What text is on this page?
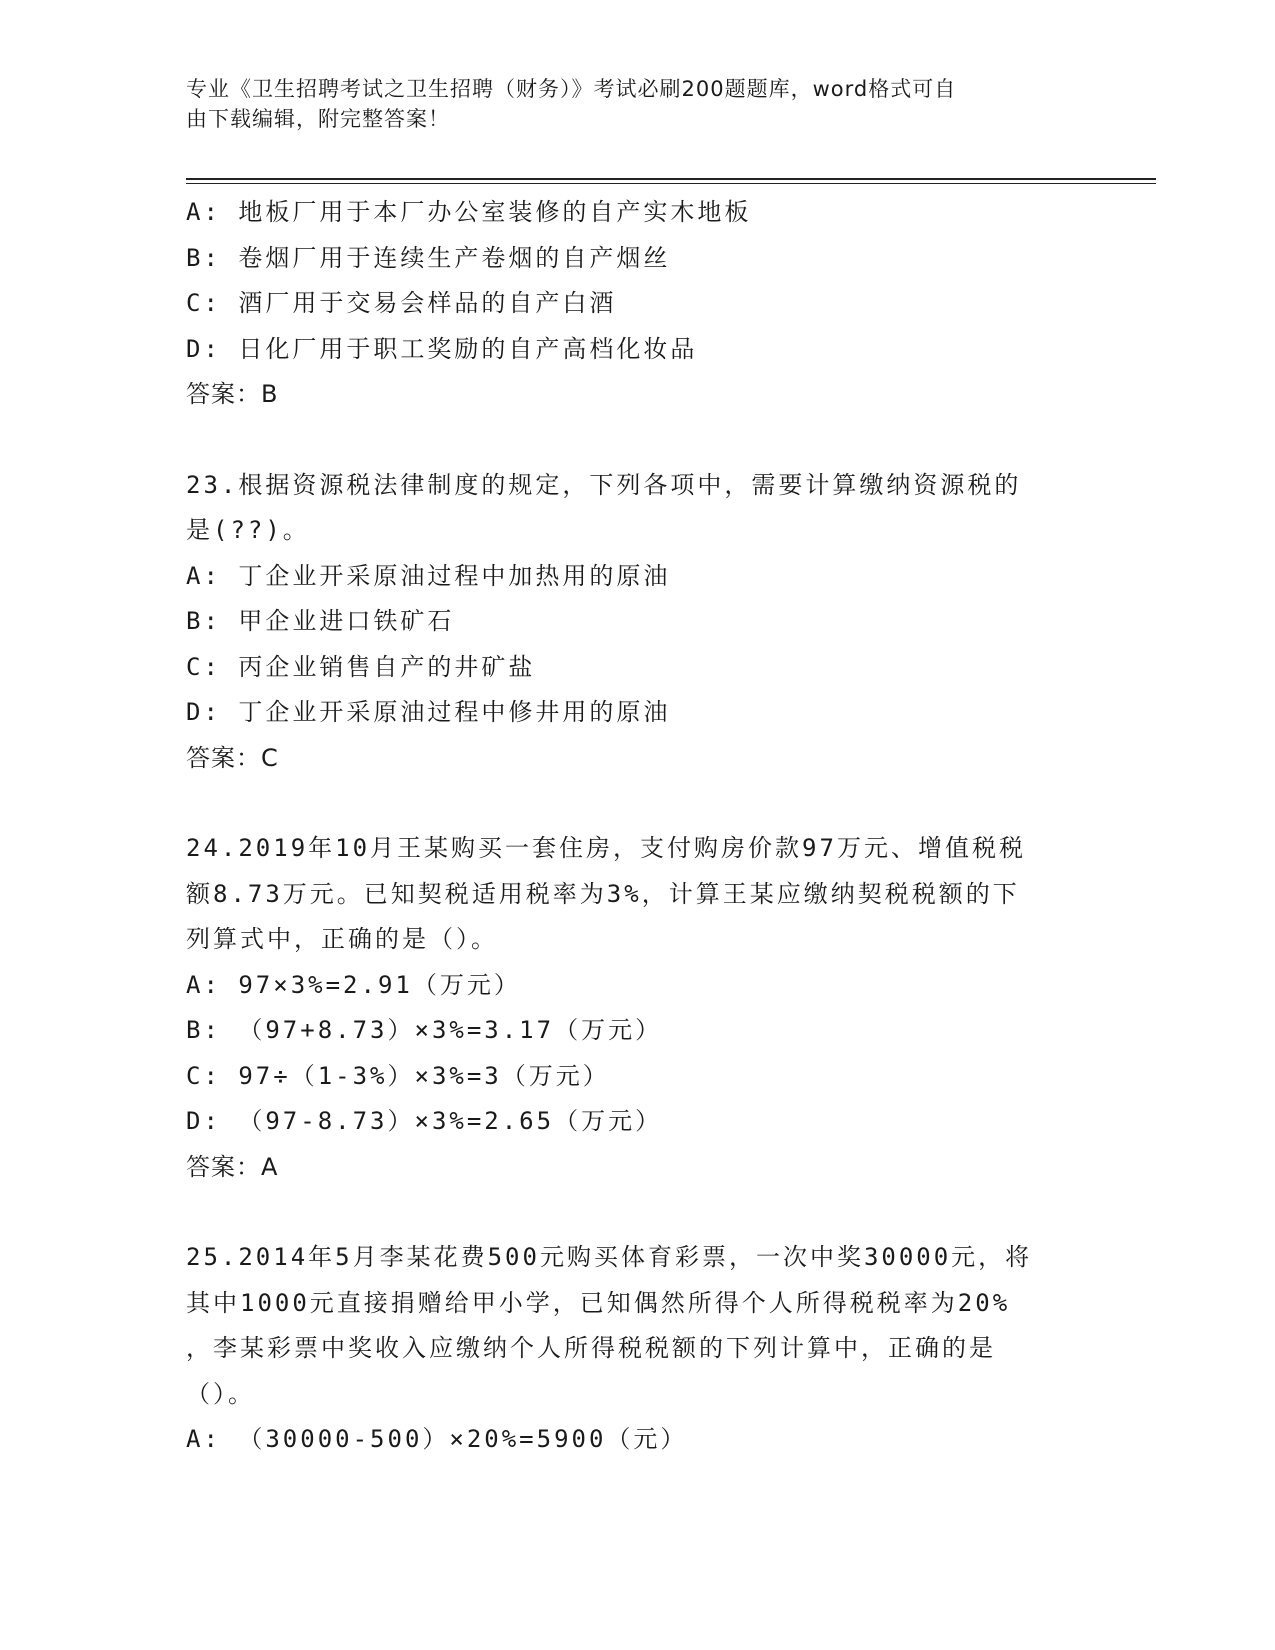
专业《卫生招聘考试之卫生招聘（财务）》考试必刷200题题库，word格式可自
由下载编辑，附完整答案！
A: 地板厂用于本厂办公室装修的自产实木地板
B: 卷烟厂用于连续生产卷烟的自产烟丝
C: 酒厂用于交易会样品的自产白酒
D: 日化厂用于职工奖励的自产高档化妆品
答案：B
23.根据资源税法律制度的规定，下列各项中，需要计算缴纳资源税的
是(??)。
A: 丁企业开采原油过程中加热用的原油
B: 甲企业进口铁矿石
C: 丙企业销售自产的井矿盐
D: 丁企业开采原油过程中修井用的原油
答案：C
24.2019年10月王某购买一套住房，支付购房价款97万元、增值税税
额8.73万元。已知契税适用税率为3%，计算王某应缴纳契税税额的下
列算式中，正确的是（）。
A: 97×3%=2.91（万元）
B: （97+8.73）×3%=3.17（万元）
C: 97÷（1-3%）×3%=3（万元）
D: （97-8.73）×3%=2.65（万元）
答案：A
25.2014年5月李某花费500元购买体育彩票，一次中奖30000元，将
其中1000元直接捐赠给甲小学，已知偶然所得个人所得税税率为20%
，李某彩票中奖收入应缴纳个人所得税税额的下列计算中，正确的是
（）。
A: （30000-500）×20%=5900（元）
